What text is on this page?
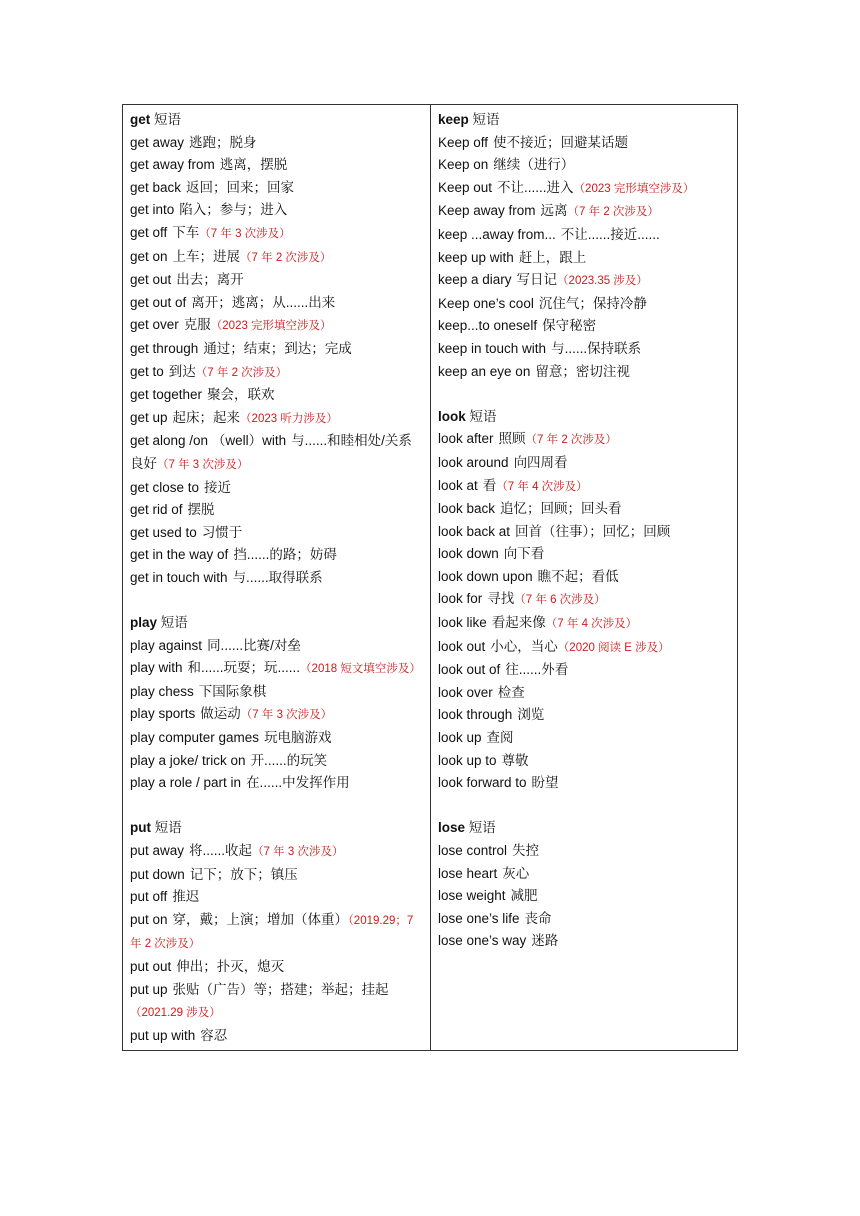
get 短语
get away 逃跑；脱身
get away from 逃离，摆脱
get back 返回；回来；回家
get into 陷入；参与；进入
get off 下车（7 年 3 次涉及）
get on 上车；进展（7 年 2 次涉及）
get out 出去；离开
get out of 离开；逃离；从......出来
get over 克服（2023 完形填空涉及）
get through 通过；结束；到达；完成
get to 到达（7 年 2 次涉及）
get together 聚会，联欢
get up 起床；起来（2023 听力涉及）
get along /on （well）with 与......和睦相处/关系良好（7 年 3 次涉及）
get close to 接近
get rid of 摆脱
get used to 习惯于
get in the way of 挡......的路；妨碍
get in touch with 与......取得联系
play 短语
play against 同......比赛/对垒
play with 和......玩耍；玩......（2018 短文填空涉及）
play chess 下国际象棋
play sports 做运动（7 年 3 次涉及）
play computer games 玩电脑游戏
play a joke/ trick on 开......的玩笑
play a role / part in 在......中发挥作用
put 短语
put away 将......收起（7 年 3 次涉及）
put down 记下；放下；镇压
put off 推迟
put on 穿，戴；上演；增加（体重）（2019.29；7 年 2 次涉及）
put out 伸出；扑灭，熄灭
put up 张贴（广告）等；搭建；举起；挂起（2021.29 涉及）
put up with 容忍
keep 短语
Keep off 使不接近；回避某话题
Keep on 继续（进行）
Keep out 不让......进入（2023 完形填空涉及）
Keep away from 远离（7 年 2 次涉及）
keep ...away from... 不让......接近......
keep up with 赶上，跟上
keep a diary 写日记（2023.35 涉及）
Keep one’s cool 沉住气；保持冷静
keep...to oneself 保守秘密
keep in touch with 与......保持联系
keep an eye on 留意；密切注视
look 短语
look after 照顾（7 年 2 次涉及）
look around 向四周看
look at 看（7 年 4 次涉及）
look back 追忆；回顾；回头看
look back at 回首（往事）；回忆；回顾
look down 向下看
look down upon 瞧不起；看低
look for 寻找（7 年 6 次涉及）
look like 看起来像（7 年 4 次涉及）
look out 小心，当心（2020 阅读 E 涉及）
look out of 往......外看
look over 检查
look through 浏览
look up 查阅
look up to 尊敬
look forward to 盼望
lose 短语
lose control 失控
lose heart 灰心
lose weight 减肥
lose one’s life 丧命
lose one’s way 迷路
